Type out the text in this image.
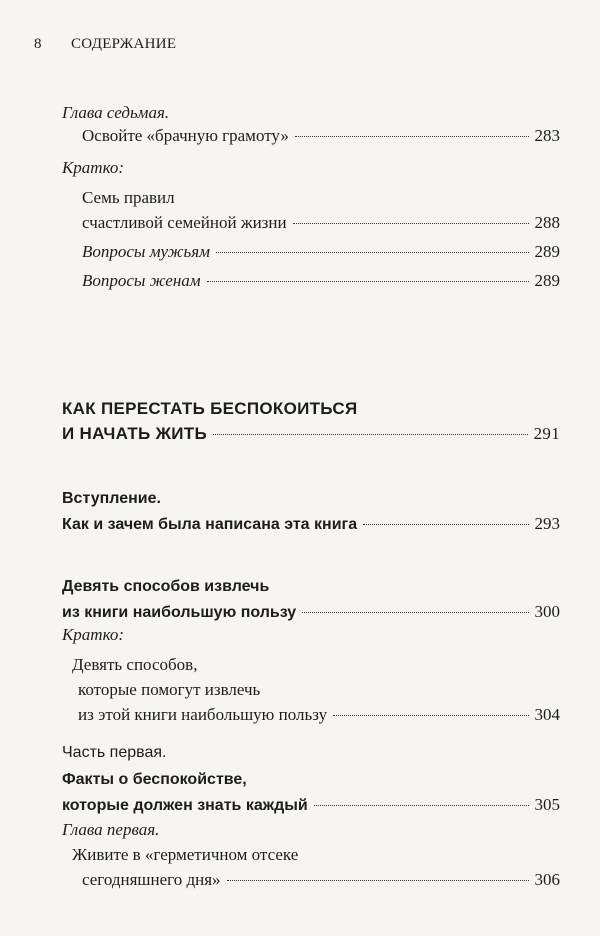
8 СОДЕРЖАНИЕ
Глава седьмая.
Освойте «брачную грамоту»	283
Кратко:
Семь правил
счастливой семейной жизни	288
Вопросы мужьям	289
Вопросы женам	289
КАК ПЕРЕСТАТЬ БЕСПОКОИТЬСЯ
И НАЧАТЬ ЖИТЬ	291
Вступление.
Как и зачем была написана эта книга	293
Девять способов извлечь
из книги наибольшую пользу	300
Кратко:
Девять способов,
которые помогут извлечь
из этой книги наибольшую пользу	304
Часть первая.
Факты о беспокойстве,
которые должен знать каждый	305
Глава первая.
Живите в «герметичном отсеке
сегодняшнего дня»	306
